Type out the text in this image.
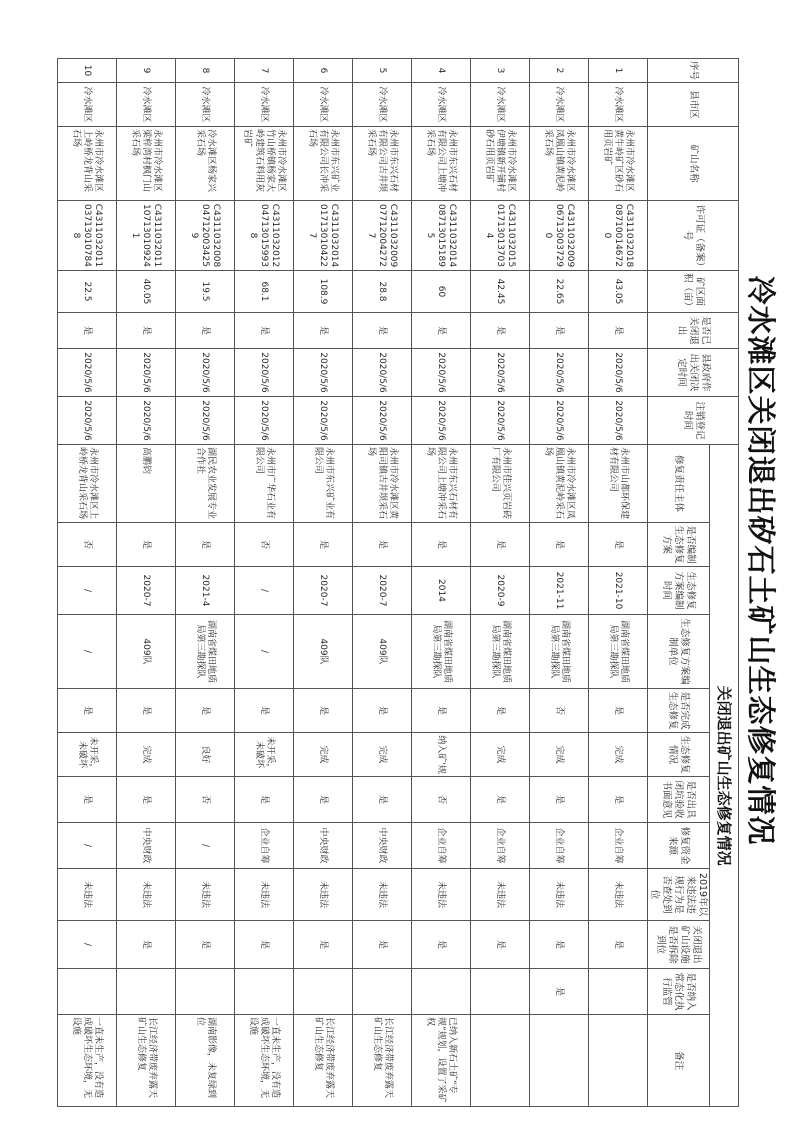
冷水滩区关闭退出矽石土矿山生态修复情况
序号	县市区	矿山名称	许可证（备案）号	矿区面积（亩）	是否已关闭退出	县政府作出关闭决定时间	注销登记时间	关闭退出矿山生态修复情况											
								修复责任主体	是否编制生态修复方案	生态修复方案编制时间	生态修复方案编制单位	是否完成生态修复	生态修复情况	是否出具闭坑验收书面意见	修复资金来源	2019年以来违法违规行为是否查处到位	关闭退出矿山设施是否拆除到位	是否纳入常态化执行监管	备注
1	冷水滩区	永州市冷水滩区黄牛岭矿区砂石用页岩矿	C4311032018087100146720	43.05	是	2020/5/6	2020/5/6	永州市山都环保建材有限公司	是	2021-10	湖南省煤田地质局第三勘探队	是	完成	是	企业自筹	未违法	是		
2	冷水滩区	永州市冷水滩区凤凰山镇黄泥岭采石场	C4311032009067130037290	22.65	是	2020/5/6	2020/5/6	永州市冷水滩区凤凰山镇黄泥岭采石场	是	2021-11	湖南省煤田地质局第三勘探队	否	完成	是	企业自筹	未违法	是	是	
3	冷水滩区	永州市冷水滩区伊塘镇新开铺村砂石用页岩矿	C4311032015017130137034	42.45	是	2020/5/6	2020/5/6	永州市佳兴页岩砖厂有限公司	是	2020-9	湖南省煤田地质局第三勘探队	是	完成	是	企业自筹	未违法	是		
4	冷水滩区	永州市东兴石材有限公司上塘冲采石场	C4311032014087130151895	60	是	2020/5/6	2020/5/6	永州市东兴石材有限公司上塘冲采石场	是	2014	湖南省煤田地质局第三勘探队	是	纳入矿'规	否	企业自筹	未违法	是		已纳入新石土矿“专规”规划，设置了采矿权
5	冷水滩区	永州市东兴石材有限公司古井坝采石场	C4311032009077120042727	28.8	是	2020/5/6	2020/5/6	永州市冷水滩区黄阳司镇古井坝采石场	是	2020-7	409队	是	完成	是	中央财政	未违法	是		长江经济带废弃露天矿山生态修复
6	冷水滩区	永州市东兴矿业有限公司长冲采石场	C4311032014017130104227	108.9	是	2020/5/6	2020/5/6	永州市东兴矿业有限公司	是	2020-7	409队	是	完成	是	中央财政	未违法	是		长江经济带废弃露天矿山生态修复
7	冷水滩区	永州市冷水滩区竹山桥镇杨家大岭建筑石料用灰岩矿	C4311032012047130159938	68.1	是	2020/5/6	2020/5/6	永州市广华石业有限公司	否	/	/	是	未开采，未破坏	是	企业自筹	未违法	是		一直未生产，没有造成破坏生态环境，无设施
8	冷水滩区	冷水滩区杨家兴采石场	C4311032008047120034259	19.5	是	2020/5/6	2020/5/6	湖民农业发展专业合作社	是	2021-4	湖南省煤田地质局第三勘探队	是	良好	否	/	未违法	是		湖南影像，未复绿到位
9	冷水滩区	永州市冷水滩区梁梓湾村枫门山采石场	C4311032011107130109241	40.05	是	2020/5/6	2020/5/6	高鹏钧	是	2020-7	409队	是	完成	是	中央财政	未违法	是		长江经济带废弃露天矿山生态修复
10	冷水滩区	永州市冷水滩区上岭桥龙背山采石场	C4311032011037130107848	22.5	是	2020/5/6	2020/5/6	永州市冷水滩区上岭桥龙背山采石场	否	/	/	是	未开采，未破坏	是	/	未违法	/		一直未生产，没有造成破坏生态环境，无设施
